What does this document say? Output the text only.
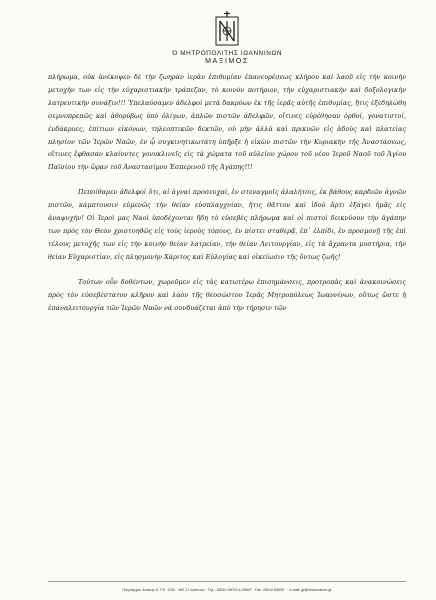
Ὁ ΜΗΤΡΟΠΟΛΙΤΗΣ ΙΩΑΝΝΙΝΩΝ
ΜΑΞΙΜΟΣ

πλήρωμα, οὐκ ἀνέκοψεν δὲ τὴν ζωηρὰν ἱερὰν ἐπιθυμίαν ἐπανευρέσεως κλήρου καὶ λαοῦ εἰς τὴν κοινὴν μετοχὴν των εἰς τὴν εὐχαριστιακὴν τράπεζαν, τὸ κοινὸν ποτήριον, τὴν εὐχαριστιακὴν καὶ δοξολογικὴν λατρευτικὴν συνάξιν!!! Ὑπελαύσαμεν ἀδελφοὶ μετὰ δακρύων ἐκ τῆς ἱερᾶς αὐτῆς ἐπιθυμίας, ἥτις ἐξεδηλώθη σεμνοπρεπῶς καὶ ἀθορύβως ὑπὸ ὀλίγων, ἁπλῶν πιστῶν ἀδελφῶν, οἵτινες εὑρέθησαν ὀρθοί, γονατιστοί, ἐνδάκρυες, ἐπίτιων εἰκόνων, τηλεοπτικῶν δεκτῶν, οὐ μὴν ἀλλὰ καὶ πρικνῶν εἰς ἀδοὺς καὶ πλατείας πλησίον τῶν Ἱερῶν Ναῶν, ἐν ᾧ συγκινητικωτάτη ὑπῆρξε ἡ εἰκὼν πιστῶν τὴν Κυριακὴν τῆς Ἀναστάσεως, οἵτινες ἔφθασαν κλαίοντες γονυκλινεῖς εἰς τὰ χώματα τοῦ αὐλείου χώρου τοῦ νέου Ἱεροῦ Ναοῦ τοῦ Ἁγίου Παϊσίου τὴν ὥραν τοῦ Ἀναστασίμου Ἑσπερινοῦ τῆς Ἀγάπης!!!

Πεποίθαμεν ἀδελφοὶ ὅτι, αἱ ἁγναὶ προσευχαί, ἐν στεναγμοῖς ἀλαλήτοις, ἐκ βάθους καρδιῶν ἁγνῶν πιστῶν, κάμπτουσιν εὐμενῶς τὴν θείαν εὐσπλαγχνίαν, ἥτις θᾶττον καὶ ἰδοὺ ἄρτι ἐξάγει ἡμᾶς εἰς ἀναψυχὴν! Οἱ Ἱεροὶ μας Ναοὶ ὑποδέχονται ἤδη τὸ εὐσεβὲς πλήρωμα καὶ οἱ πιστοὶ δεικνύουν τὴν ἀγάπην των πρὸς τὸν Θεὸν χριστοηθῶς εἰς τοὺς ἱεροὺς τόπους, ἐν πίστει σταθερᾷ, ἐπ᾽ ἐλπίδι, ἐν προσμονῇ τῆς ἐπὶ τέλους μετοχῆς των εἰς τὴν κοινὴν θείαν λατρείαν, τὴν θείαν Λειτουργίαν, εἰς τὰ ἄχραντα μυστήρια, τὴν θείαν Εὐχαριστίαν, εἰς πλησμονὴν Χάριτος καὶ Εὐλογίας καὶ οἰκείωσιν τῆς ὄντως ζωῆς!

Τούτων οὖν δοθέντων, χωροῦμεν εἰς τὰς κατωτέρω ἐπισημάνσεις, προτροπὰς καὶ ἀνακοινώσεις πρὸς τὸν εὐσεβέστατον κλῆρον καὶ λαὸν τῆς θεοσώστου Ἱερᾶς Μητροπόλεως Ἰωαννίνων, οὕτως ὥστε ἡ ἐπαναλειτουργία τῶν Ἱερῶν Ναῶν νὰ συνδυάζεται ἀπὸ τὴν τήρησιν τῶν

Πατριάρχου Ἰωακείμ 5, Τ.Θ. 1130 · 452 21 Ἰωάννινα · Τηλ.: 26510 26079 & 26807 · Fax: 26510 84530 · · e-mail: gr@imioanninon.gr
